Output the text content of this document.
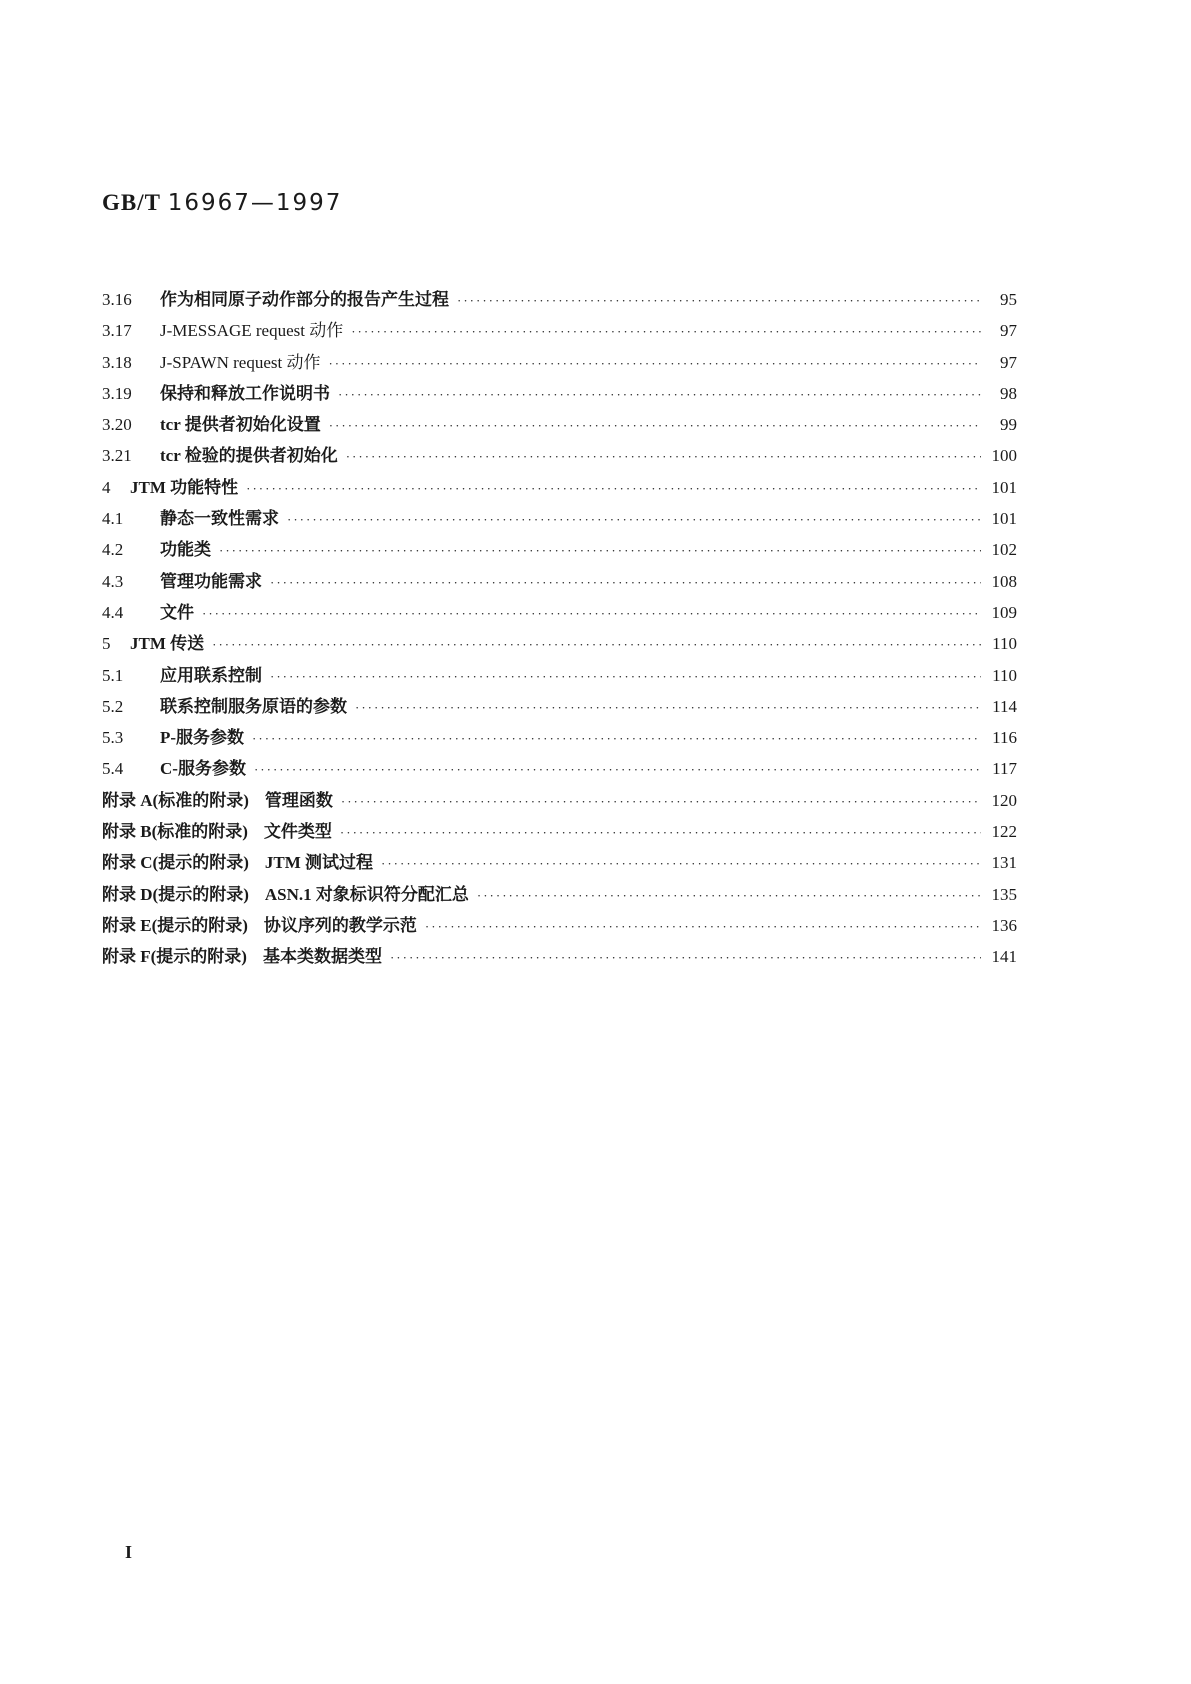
GB/T 16967—1997
3.16	作为相同原子动作部分的报告产生过程 ·····	95
3.17	J-MESSAGE request 动作 ·····	97
3.18	J-SPAWN request 动作 ·····	97
3.19	保持和释放工作说明书 ·····	98
3.20	tcr 提供者初始化设置 ·····	99
3.21	tcr 检验的提供者初始化 ·····	100
4	JTM 功能特性 ·····	101
4.1	静态一致性需求 ·····	101
4.2	功能类 ·····	102
4.3	管理功能需求 ·····	108
4.4	文件 ·····	109
5	JTM 传送 ·····	110
5.1	应用联系控制 ·····	110
5.2	联系控制服务原语的参数 ·····	114
5.3	P-服务参数 ·····	116
5.4	C-服务参数 ·····	117
附录 A(标准的附录) 管理函数 ·····	120
附录 B(标准的附录) 文件类型 ·····	122
附录 C(提示的附录) JTM 测试过程 ·····	131
附录 D(提示的附录) ASN.1 对象标识符分配汇总 ·····	135
附录 E(提示的附录) 协议序列的教学示范 ·····	136
附录 F(提示的附录) 基本类数据类型 ·····	141
I
